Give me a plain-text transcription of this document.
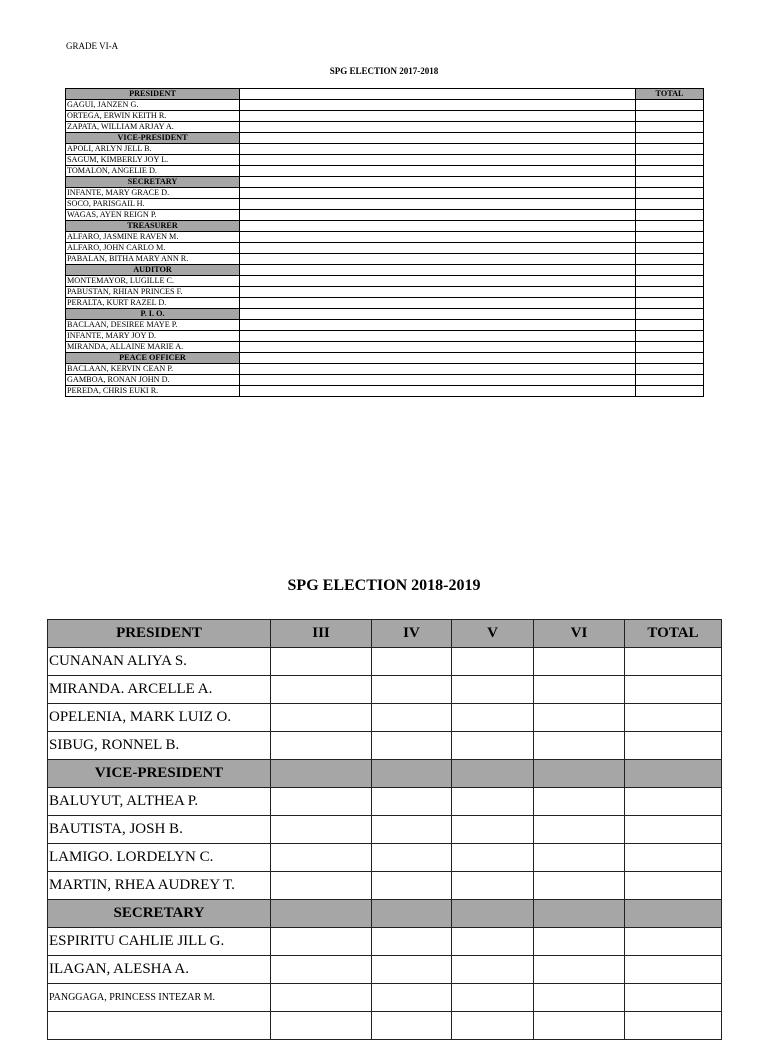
GRADE VI-A
SPG ELECTION 2017-2018
PRESIDENT		TOTAL
GAGUI, JANZEN G.		
ORTEGA, ERWIN KEITH R.		
ZAPATA, WILLIAM ARJAY A.		
VICE-PRESIDENT		
APOLI, ARLYN JELL B.		
SAGUM, KIMBERLY JOY L.		
TOMALON, ANGELIE D.		
SECRETARY		
INFANTE, MARY GRACE D.		
SOCO, PARISGAIL H.		
WAGAS, AYEN REIGN P.		
TREASURER		
ALFARO, JASMINE RAVEN M.		
ALFARO, JOHN CARLO M.		
PABALAN, BITHA MARY ANN R.		
AUDITOR		
MONTEMAYOR, LUGILLE C.		
PABUSTAN, RHIAN PRINCES F.		
PERALTA, KURT RAZEL D.		
P. I. O.		
BACLAAN, DESIREE MAYE P.		
INFANTE, MARY JOY D.		
MIRANDA, ALLAINE MARIE A.		
PEACE OFFICER		
BACLAAN, KERVIN CEAN P.		
GAMBOA, RONAN JOHN D.		
PEREDA, CHRIS EUKI R.		
SPG ELECTION 2018-2019
PRESIDENT	III	IV	V	VI	TOTAL
CUNANAN ALIYA S.					
MIRANDA. ARCELLE A.					
OPELENIA, MARK LUIZ O.					
SIBUG, RONNEL B.					
VICE-PRESIDENT					
BALUYUT, ALTHEA P.					
BAUTISTA, JOSH B.					
LAMIGO. LORDELYN C.					
MARTIN, RHEA AUDREY T.					
SECRETARY					
ESPIRITU CAHLIE JILL G.					
ILAGAN, ALESHA A.					
PANGGAGA, PRINCESS INTEZAR M.					
